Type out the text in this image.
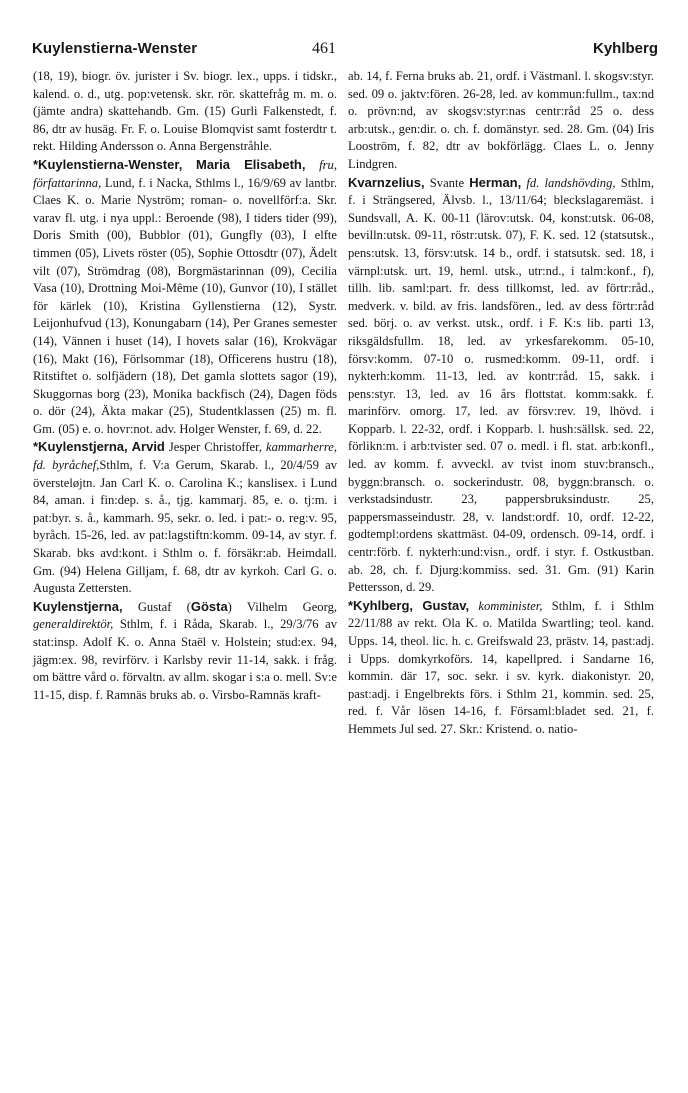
Kuylenstierna-Wenster	461	Kyhlberg

(18, 19), biogr. öv. jurister i Sv. biogr. lex., upps. i tidskr., kalend. o. d., utg. pop:vetensk. skr. rör. skattefråg m. m. o. (jämte andra) skattehandb. Gm. (15) Gurli Falkenstedt, f. 86, dtr av husäg. Fr. F. o. Louise Blomqvist samt fosterdtr t. rekt. Hilding Andersson o. Anna Bergenstråhle.

*Kuylenstierna-Wenster, Maria Elisabeth, fru, författarinna, Lund, f. i Nacka, Sthlms l., 16/9/69 av lantbr. Claes K. o. Marie Nyström; roman- o. novellförf:a. Skr. varav fl. utg. i nya uppl.: Beroende (98), I tiders tider (99), Doris Smith (00), Bubblor (01), Gungfly (03), I elfte timmen (05), Livets röster (05), Sophie Ottosdtr (07), Ädelt vilt (07), Strömdrag (08), Borgmästarinnan (09), Cecilia Vasa (10), Drottning Moi-Même (10), Gunvor (10), I stället för kärlek (10), Kristina Gyllenstierna (12), Systr. Leijonhufvud (13), Konungabarn (14), Per Granes semester (14), Vännen i huset (14), I hovets salar (16), Krokvägar (16), Makt (16), Förlsommar (18), Officerens hustru (18), Ritstiftet o. solfjädern (18), Det gamla slottets sagor (19), Skuggornas borg (23), Monika backfisch (24), Dagen föds o. dör (24), Äkta makar (25), Studentklassen (25) m. fl. Gm. (05) e. o. hovr:not. adv. Holger Wenster, f. 69, d. 22.

*Kuylenstjerna, Arvid Jesper Christoffer, kammarherre, fd. byråchef,Sthlm, f. V:a Gerum, Skarab. l., 20/4/59 av översteløjtn. Jan Carl K. o. Carolina K.; kanslisex. i Lund 84, aman. i fin:dep. s. å., tjg. kammarj. 85, e. o. tj:m. i pat:byr. s. å., kammarh. 95, sekr. o. led. i pat:- o. reg:v. 95, byråch. 15-26, led. av pat:lagstiftn:komm. 09-14, av styr. f. Skarab. bks avd:kont. i Sthlm o. f. försäkr:ab. Heimdall. Gm. (94) Helena Gilljam, f. 68, dtr av kyrkoh. Carl G. o. Augusta Zettersten.

Kuylenstjerna, Gustaf (Gösta) Vilhelm Georg, generaldirektör, Sthlm, f. i Råda, Skarab. l., 29/3/76 av stat:insp. Adolf K. o. Anna Staël v. Holstein; stud:ex. 94, jägm:ex. 98, revirförv. i Karlsby revir 11-14, sakk. i fråg. om bättre vård o. förvaltn. av allm. skogar i s:a o. mell. Sv:e 11-15, disp. f. Ramnäs bruks ab. o. Virsbo-Ramnäs kraft-

ab. 14, f. Ferna bruks ab. 21, ordf. i Västmanl. l. skogsv:styr. sed. 09 o. jaktv:fören. 26-28, led. av kommun:fullm., tax:nd o. prövn:nd, av skogsv:styr:nas centr:råd 25 o. dess arb:utsk., gen:dir. o. ch. f. domänstyr. sed. 28. Gm. (04) Iris Looström, f. 82, dtr av bokförlägg. Claes L. o. Jenny Lindgren.

Kvarnzelius, Svante Herman, fd. landshövding, Sthlm, f. i Strängsered, Älvsb. l., 13/11/64; bleckslagaremäst. i Sundsvall, A. K. 00-11 (lärov:utsk. 04, konst:utsk. 06-08, bevilln:utsk. 09-11, röstr:utsk. 07), F. K. sed. 12 (statsutsk., pens:utsk. 13, försv:utsk. 14 b., ordf. i statsutsk. sed. 18, i värnpl:utsk. urt. 19, heml. utsk., utr:nd., i talm:konf., f), tillh. lib. saml:part. fr. dess tillkomst, led. av förtr:råd., medverk. v. bild. av fris. landsfören., led. av dess förtr:råd sed. börj. o. av verkst. utsk., ordf. i F. K:s lib. parti 13, riksgäldsfullm. 18, led. av yrkesfarekomm. 05-10, försv:komm. 07-10 o. rusmed:komm. 09-11, ordf. i nykterh:komm. 11-13, led. av kontr:råd. 15, sakk. i pens:styr. 13, led. av 16 års flottstat. komm:sakk. f. marinförv. omorg. 17, led. av försv:rev. 19, lhövd. i Kopparb. l. 22-32, ordf. i Kopparb. l. hush:sällsk. sed. 22, förlikn:m. i arb:tvister sed. 07 o. medl. i fl. stat. arb:konfl., led. av komm. f. avveckl. av tvist inom stuv:bransch., byggn:bransch. o. sockerindustr. 08, byggn:bransch. o. verkstadsindustr. 23, pappersbruksindustr. 25, pappersmasseindustr. 28, v. landst:ordf. 10, ordf. 12-22, godtempl:ordens skattmäst. 04-09, ordensch. 09-14, ordf. i centr:förb. f. nykterh:und:visn., ordf. i styr. f. Ostkustban. ab. 28, ch. f. Djurg:kommiss. sed. 31. Gm. (91) Karin Pettersson, d. 29.

*Kyhlberg, Gustav, komminister, Sthlm, f. i Sthlm 22/11/88 av rekt. Ola K. o. Matilda Swartling; teol. kand. Upps. 14, theol. lic. h. c. Greifswald 23, prästv. 14, past:adj. i Upps. domkyrkoförs. 14, kapellpred. i Sandarne 16, kommin. där 17, soc. sekr. i sv. kyrk. diakonistyr. 20, past:adj. i Engelbrekts förs. i Sthlm 21, kommin. sed. 25, red. f. Vår lösen 14-16, f. Församl:bladet sed. 21, f. Hemmets Jul sed. 27. Skr.: Kristend. o. natio-
